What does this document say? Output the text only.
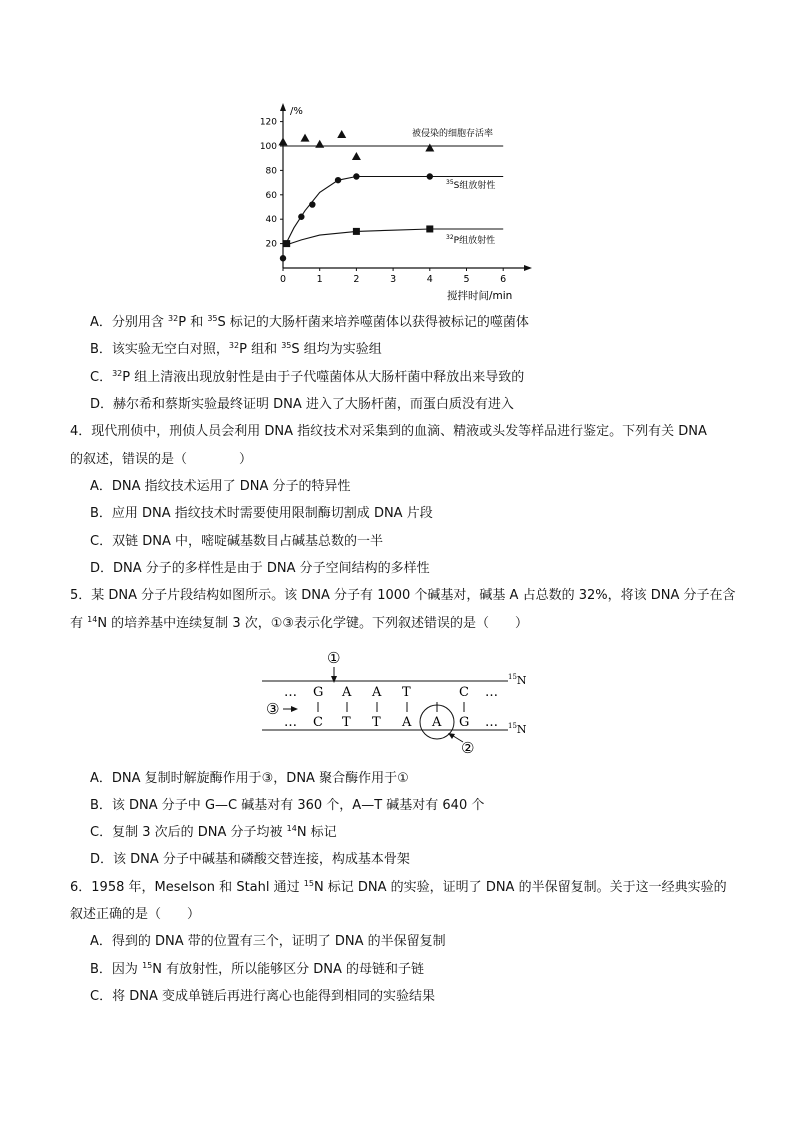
/%
搅拌时间/min
20
40
60
80
100
120
0	1	2	3	4	5	6
被侵染的细胞存活率
$^{35}$S组放射性
$^{32}$P组放射性
A．分别用含 $^{32}$P 和 $^{35}$S 标记的大肠杆菌来培养噬菌体以获得被标记的噬菌体
B．该实验无空白对照，$^{32}$P 组和 $^{35}$S 组均为实验组
C．$^{32}$P 组上清液出现放射性是由于子代噬菌体从大肠杆菌中释放出来导致的
D．赫尔希和蔡斯实验最终证明 DNA 进入了大肠杆菌，而蛋白质没有进入
4．现代刑侦中，刑侦人员会利用 DNA 指纹技术对采集到的血滴、精液或头发等样品进行鉴定。下列有关 DNA
的叙述，错误的是（　　　　）
A．DNA 指纹技术运用了 DNA 分子的特异性
B．应用 DNA 指纹技术时需要使用限制酶切割成 DNA 片段
C．双链 DNA 中，嘧啶碱基数目占碱基总数的一半
D．DNA 分子的多样性是由于 DNA 分子空间结构的多样性
5．某 DNA 分子片段结构如图所示。该 DNA 分子有 1000 个碱基对，碱基 A 占总数的 32%，将该 DNA 分子在含
有 $^{14}$N 的培养基中连续复制 3 次，①③表示化学键。下列叙述错误的是（　　）
$^{15}$N
$^{15}$N
… G A A T	C …
… C T T A A G …
①
③
②
A．DNA 复制时解旋酶作用于③，DNA 聚合酶作用于①
B．该 DNA 分子中 G—C 碱基对有 360 个，A—T 碱基对有 640 个
C．复制 3 次后的 DNA 分子均被 $^{14}$N 标记
D．该 DNA 分子中碱基和磷酸交替连接，构成基本骨架
6．1958 年，Meselson 和 Stahl 通过 $^{15}$N 标记 DNA 的实验，证明了 DNA 的半保留复制。关于这一经典实验的
叙述正确的是（　　）
A．得到的 DNA 带的位置有三个，证明了 DNA 的半保留复制
B．因为 $^{15}$N 有放射性，所以能够区分 DNA 的母链和子链
C．将 DNA 变成单链后再进行离心也能得到相同的实验结果
